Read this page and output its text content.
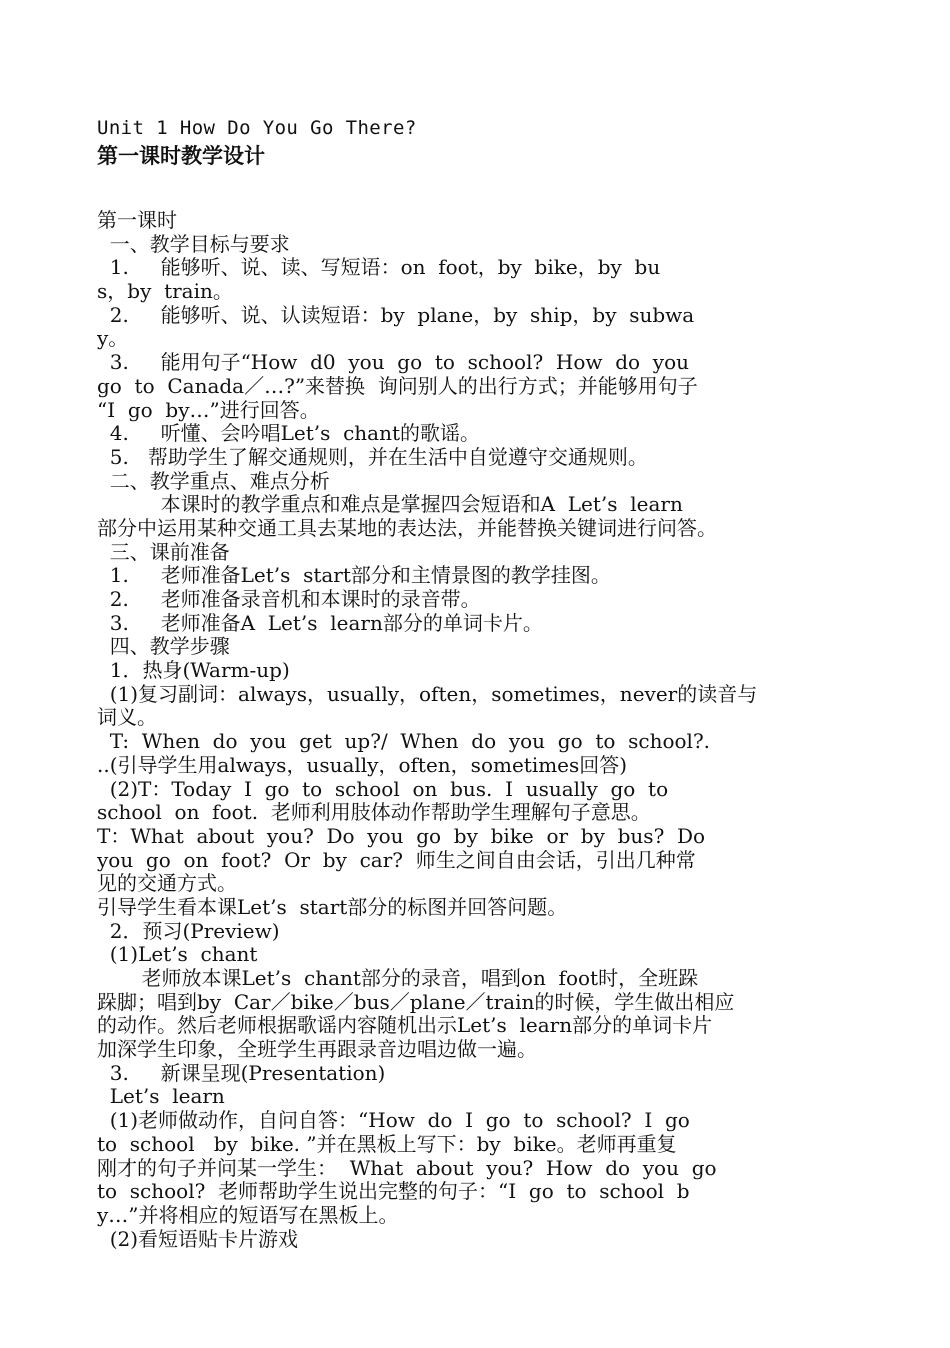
Unit 1 How Do You Go There?
第一课时教学设计
第一课时
一、教学目标与要求
1.     能够听、说、读、写短语：on  foot，by  bike，by  bu
s，by  train。
2.     能够听、说、认读短语：by  plane，by  ship，by  subwa
y。
3.     能用句子“How  d0  you  go  to  school?  How  do  you
go  to  Canada／…?”来替换  询问别人的出行方式；并能够用句子
“I  go  by…”进行回答。
4.     听懂、会吟唱Let’s  chant的歌谣。
5.   帮助学生了解交通规则，并在生活中自觉遵守交通规则。
二、教学重点、难点分析
本课时的教学重点和难点是掌握四会短语和A  Let’s  learn
部分中运用某种交通工具去某地的表达法，并能替换关键词进行问答。
三、课前准备
1.     老师准备Let’s  start部分和主情景图的教学挂图。
2.     老师准备录音机和本课时的录音带。
3.     老师准备A  Let’s  learn部分的单词卡片。
四、教学步骤
1．热身(Warm-up)
(1)复习副词：always，usually，often，sometimes，never的读音与
词义。
T:  When  do  you  get  up?/  When  do  you  go  to  school?.
..(引导学生用always，usually，often，sometimes回答)
(2)T：Today  I  go  to  school  on  bus.  I  usually  go  to
school  on  foot.  老师利用肢体动作帮助学生理解句子意思。
T：What  about  you?  Do  you  go  by  bike  or  by  bus?  Do
you  go  on  foot?  Or  by  car?  师生之间自由会话，引出几种常
见的交通方式。
引导学生看本课Let’s  start部分的标图并回答问题。
2．预习(Preview)
(1)Let’s  chant
老师放本课Let’s  chant部分的录音，唱到on  foot时，全班跺
跺脚；唱到by  Car／bike／bus／plane／train的时候，学生做出相应
的动作。然后老师根据歌谣内容随机出示Let’s  learn部分的单词卡片
加深学生印象，全班学生再跟录音边唱边做一遍。
3.     新课呈现(Presentation)
Let’s  learn
(1)老师做动作，自问自答：“How  do  I  go  to  school?  I  go
to  school   by  bike. ”并在黑板上写下：by  bike。老师再重复
刚才的句子并问某一学生：  What  about  you?  How  do  you  go
to  school?  老师帮助学生说出完整的句子：“I  go  to  school  b
y…”并将相应的短语写在黑板上。
(2)看短语贴卡片游戏
